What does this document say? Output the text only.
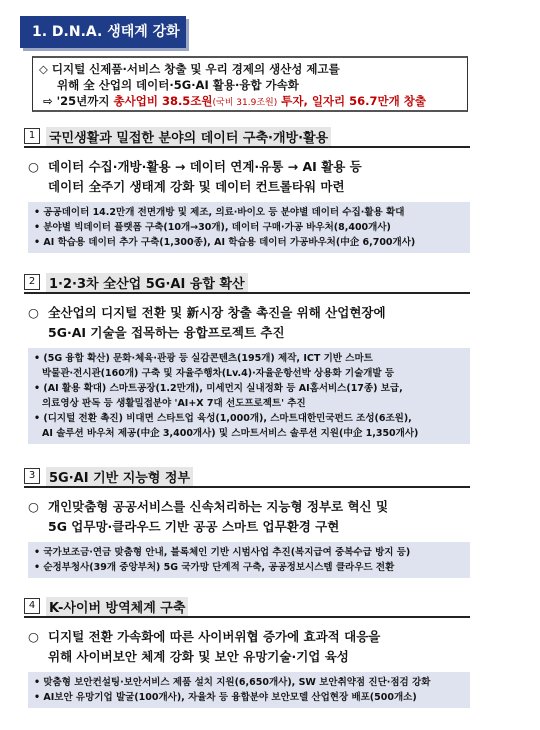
1. D.N.A. 생태계 강화
◇ 디지털 신제품·서비스 창출 및 우리 경제의 생산성 제고를
위해 全 산업의 데이터·5G·AI 활용·융합 가속화
⇨ '25년까지 총사업비 38.5조원(국비 31.9조원) 투자, 일자리 56.7만개 창출
1	국민생활과 밀접한 분야의 데이터 구축·개방·활용
○ 데이터 수집·개방·활용 → 데이터 연계·유통 → AI 활용 등
데이터 全주기 생태계 강화 및 데이터 컨트롤타워 마련
• 공공데이터 14.2만개 전면개방 및 제조, 의료·바이오 등 분야별 데이터 수집·활용 확대
• 분야별 빅데이터 플랫폼 구축(10개→30개), 데이터 구매·가공 바우처(8,400개사)
• AI 학습용 데이터 추가 구축(1,300종), AI 학습용 데이터 가공바우처(中企 6,700개사)
2	1·2·3차 全산업 5G·AI 융합 확산
○ 全산업의 디지털 전환 및 新시장 창출 촉진을 위해 산업현장에
5G·AI 기술을 접목하는 융합프로젝트 추진
• (5G 융합 확산) 문화·체육·관광 등 실감콘텐츠(195개) 제작, ICT 기반 스마트
박물관·전시관(160개) 구축 및 자율주행차(Lv.4)·자율운항선박 상용화 기술개발 등
• (AI 활용 확대) 스마트공장(1.2만개), 미세먼지 실내정화 등 AI홈서비스(17종) 보급,
의료영상 판독 등 생활밀접분야 'AI+X 7대 선도프로젝트' 추진
• (디지털 전환 촉진) 비대면 스타트업 육성(1,000개), 스마트대한민국펀드 조성(6조원),
AI 솔루션 바우처 제공(中企 3,400개사) 및 스마트서비스 솔루션 지원(中企 1,350개사)
3	5G·AI 기반 지능형 정부
○ 개인맞춤형 공공서비스를 신속처리하는 지능형 정부로 혁신 및
5G 업무망·클라우드 기반 공공 스마트 업무환경 구현
• 국가보조금·연금 맞춤형 안내, 블록체인 기반 시범사업 추진(복지급여 중복수급 방지 등)
• 순정부청사(39개 중앙부처) 5G 국가망 단계적 구축, 공공정보시스템 클라우드 전환
4	K-사이버 방역체계 구축
○ 디지털 전환 가속화에 따른 사이버위협 증가에 효과적 대응을
위해 사이버보안 체계 강화 및 보안 유망기술·기업 육성
• 맞춤형 보안컨설팅·보안서비스 제품 설치 지원(6,650개사), SW 보안취약점 진단·점검 강화
• AI보안 유망기업 발굴(100개사), 자율차 등 융합분야 보안모델 산업현장 배포(500개소)
